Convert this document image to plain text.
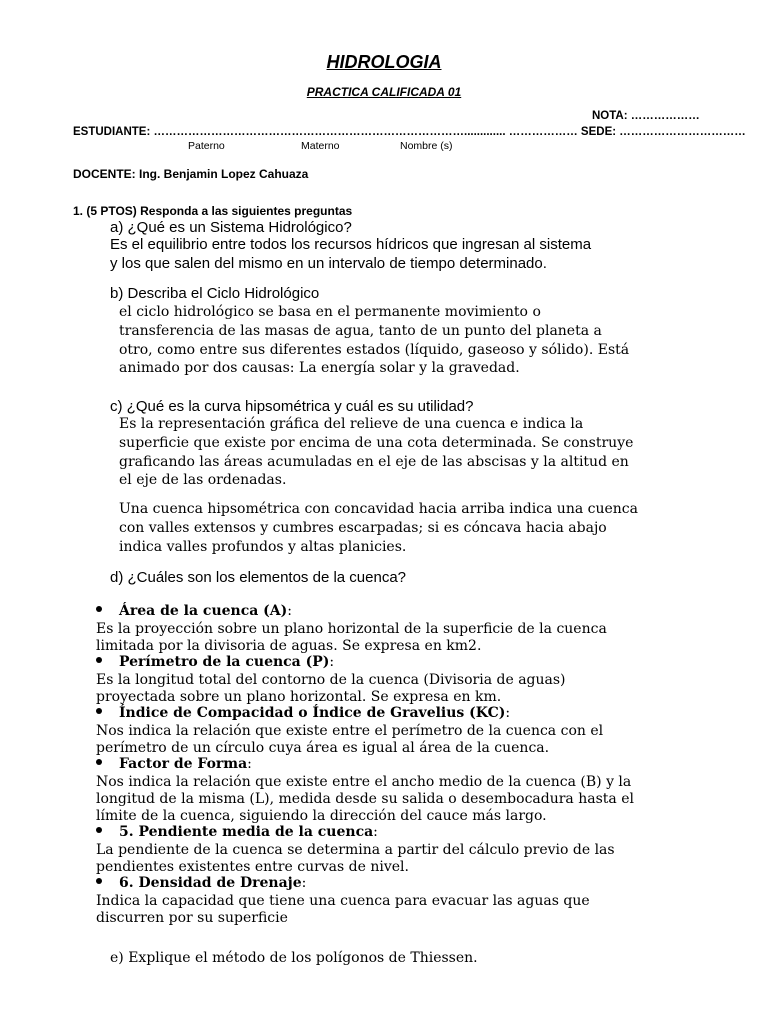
HIDROLOGIA
PRACTICA CALIFICADA 01
NOTA: ………………
ESTUDIANTE: ………………………………………………………………………............. ……………… SEDE: ……………………………
Paterno	Materno	Nombre (s)
DOCENTE: Ing. Benjamin Lopez Cahuaza
1. (5 PTOS) Responda a las siguientes preguntas
a) ¿Qué es un Sistema Hidrológico?
Es el equilibrio entre todos los recursos hídricos que ingresan al sistema
y los que salen del mismo en un intervalo de tiempo determinado.
b) Describa el Ciclo Hidrológico
el ciclo hidrológico se basa en el permanente movimiento o
transferencia de las masas de agua, tanto de un punto del planeta a
otro, como entre sus diferentes estados (líquido, gaseoso y sólido). Está
animado por dos causas: La energía solar y la gravedad.
c) ¿Qué es la curva hipsométrica y cuál es su utilidad?
Es la representación gráfica del relieve de una cuenca e indica la
superficie que existe por encima de una cota determinada. Se construye
graficando las áreas acumuladas en el eje de las abscisas y la altitud en
el eje de las ordenadas.
Una cuenca hipsométrica con concavidad hacia arriba indica una cuenca
con valles extensos y cumbres escarpadas; si es cóncava hacia abajo
indica valles profundos y altas planicies.
d) ¿Cuáles son los elementos de la cuenca?
Área de la cuenca (A):
Es la proyección sobre un plano horizontal de la superficie de la cuenca
limitada por la divisoria de aguas. Se expresa en km2.
Perímetro de la cuenca (P):
Es la longitud total del contorno de la cuenca (Divisoria de aguas)
proyectada sobre un plano horizontal. Se expresa en km.
Índice de Compacidad o Índice de Gravelius (KC):
Nos indica la relación que existe entre el perímetro de la cuenca con el
perímetro de un círculo cuya área es igual al área de la cuenca.
Factor de Forma:
Nos indica la relación que existe entre el ancho medio de la cuenca (B) y la
longitud de la misma (L), medida desde su salida o desembocadura hasta el
límite de la cuenca, siguiendo la dirección del cauce más largo.
5. Pendiente media de la cuenca:
La pendiente de la cuenca se determina a partir del cálculo previo de las
pendientes existentes entre curvas de nivel.
6. Densidad de Drenaje:
Indica la capacidad que tiene una cuenca para evacuar las aguas que
discurren por su superficie
e) Explique el método de los polígonos de Thiessen.
